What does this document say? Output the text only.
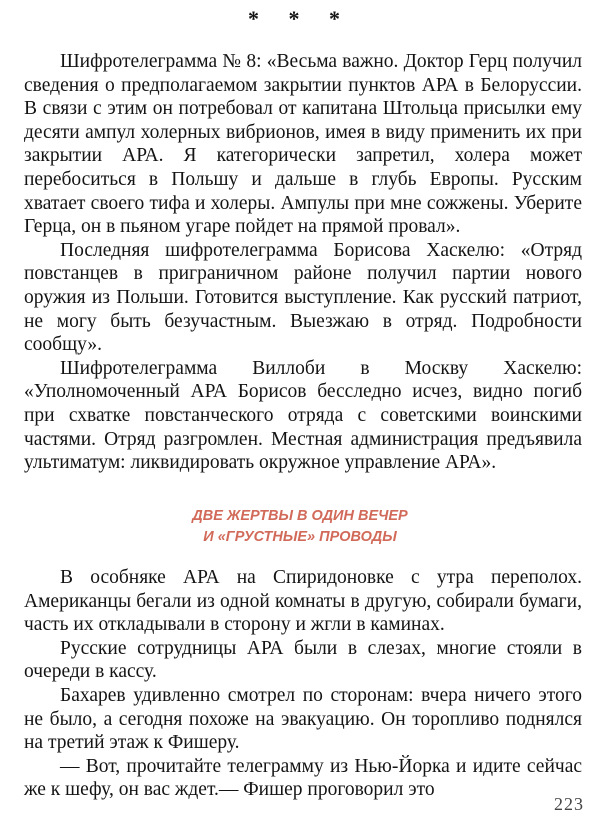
* * *

Шифротелеграмма № 8: «Весьма важно. Доктор Герц получил сведения о предполагаемом закрытии пунктов АРА в Белоруссии. В связи с этим он потребовал от капитана Штольца присылки ему десяти ампул холерных вибрионов, имея в виду применить их при закрытии АРА. Я категорически запретил, холера может перебоситься в Польшу и дальше в глубь Европы. Русским хватает своего тифа и холеры. Ампулы при мне сожжены. Уберите Герца, он в пьяном угаре пойдет на прямой провал».

Последняя шифротелеграмма Борисова Хаскелю: «Отряд повстанцев в приграничном районе получил партии нового оружия из Польши. Готовится выступление. Как русский патриот, не могу быть безучастным. Выезжаю в отряд. Подробности сообщу».

Шифротелеграмма Виллоби в Москву Хаскелю: «Уполномоченный АРА Борисов бесследно исчез, видно погиб при схватке повстанческого отряда с советскими воинскими частями. Отряд разгромлен. Местная администрация предъявила ультиматум: ликвидировать окружное управление АРА».

ДВЕ ЖЕРТВЫ В ОДИН ВЕЧЕР
И «ГРУСТНЫЕ» ПРОВОДЫ

В особняке АРА на Спиридоновке с утра переполох. Американцы бегали из одной комнаты в другую, собирали бумаги, часть их откладывали в сторону и жгли в каминах.

Русские сотрудницы АРА были в слезах, многие стояли в очереди в кассу.

Бахарев удивленно смотрел по сторонам: вчера ничего этого не было, а сегодня похоже на эвакуацию. Он торопливо поднялся на третий этаж к Фишеру.

— Вот, прочитайте телеграмму из Нью-Йорка и идите сейчас же к шефу, он вас ждет.— Фишер проговорил это

223
